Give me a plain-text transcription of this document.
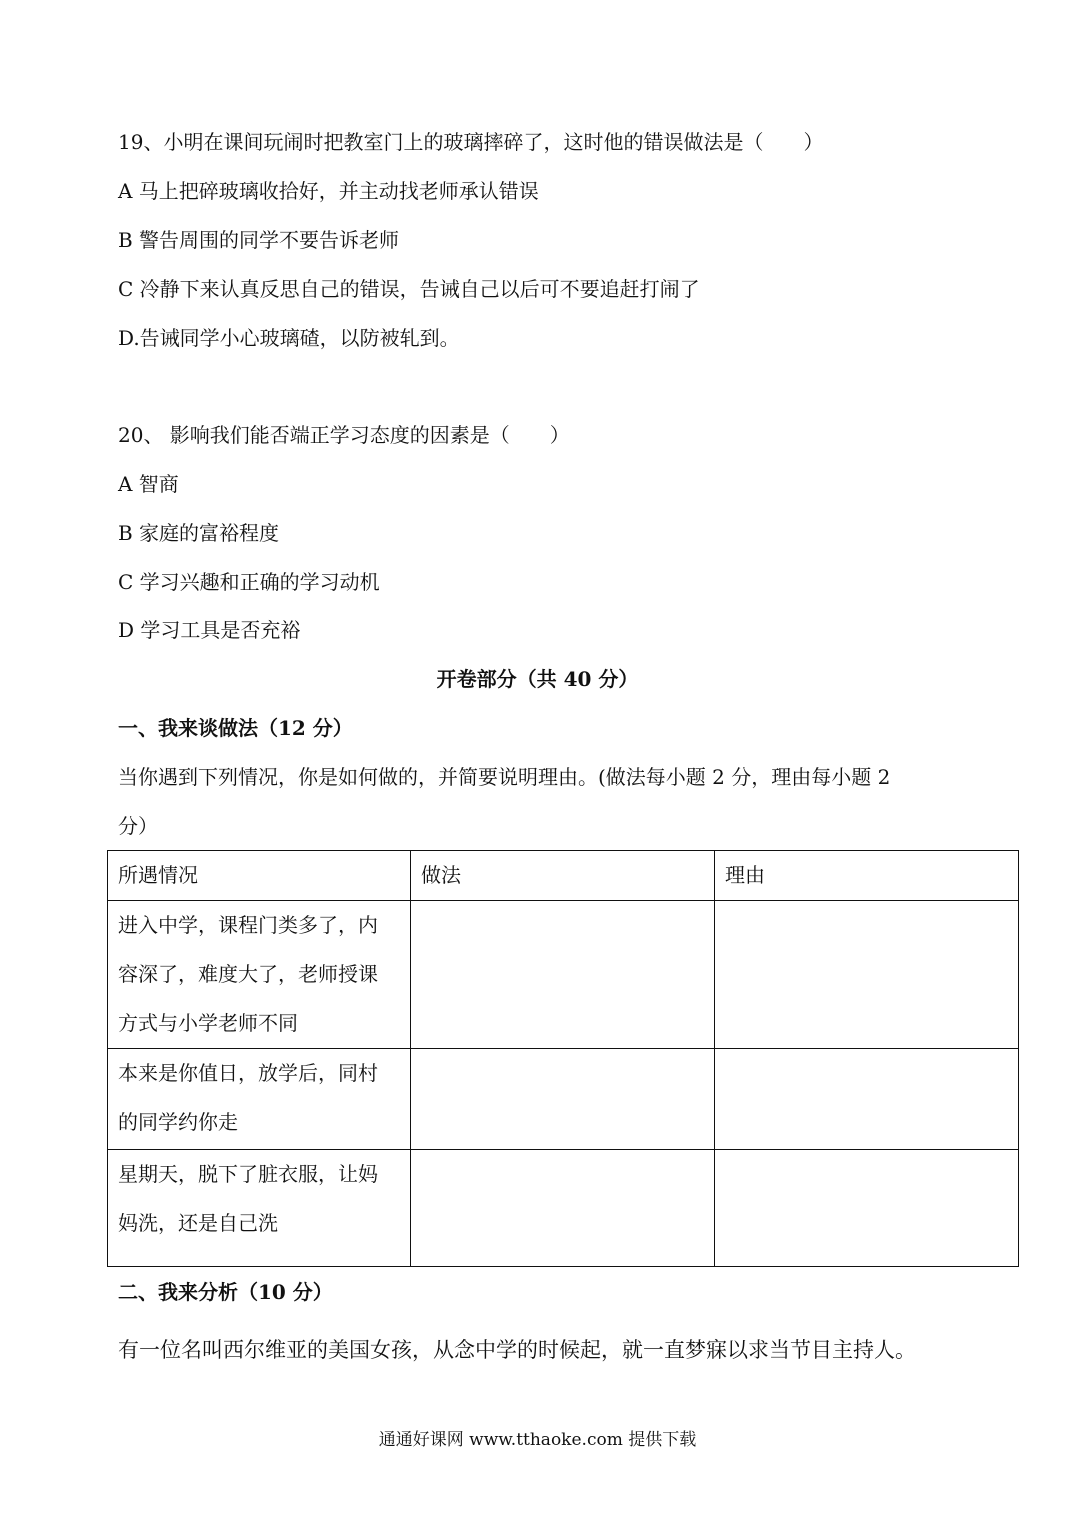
19、小明在课间玩闹时把教室门上的玻璃摔碎了，这时他的错误做法是（　　）
A 马上把碎玻璃收拾好，并主动找老师承认错误
B 警告周围的同学不要告诉老师
C 冷静下来认真反思自己的错误，告诫自己以后可不要追赶打闹了
D.告诫同学小心玻璃碴，以防被轧到。
20、 影响我们能否端正学习态度的因素是（　　）
A 智商
B 家庭的富裕程度
C 学习兴趣和正确的学习动机
D 学习工具是否充裕
开卷部分（共 40 分）
一、我来谈做法（12 分）
当你遇到下列情况，你是如何做的，并简要说明理由。(做法每小题 2 分，理由每小题 2
分）
所遇情况	做法	理由

进入中学，课程门类多了，内
容深了，难度大了，老师授课
方式与小学老师不同		

本来是你值日，放学后，同村
的同学约你走		

星期天，脱下了脏衣服，让妈
妈洗，还是自己洗		

二、我来分析（10 分）
有一位名叫西尔维亚的美国女孩，从念中学的时候起，就一直梦寐以求当节目主持人。
通通好课网 www.tthaoke.com 提供下载
